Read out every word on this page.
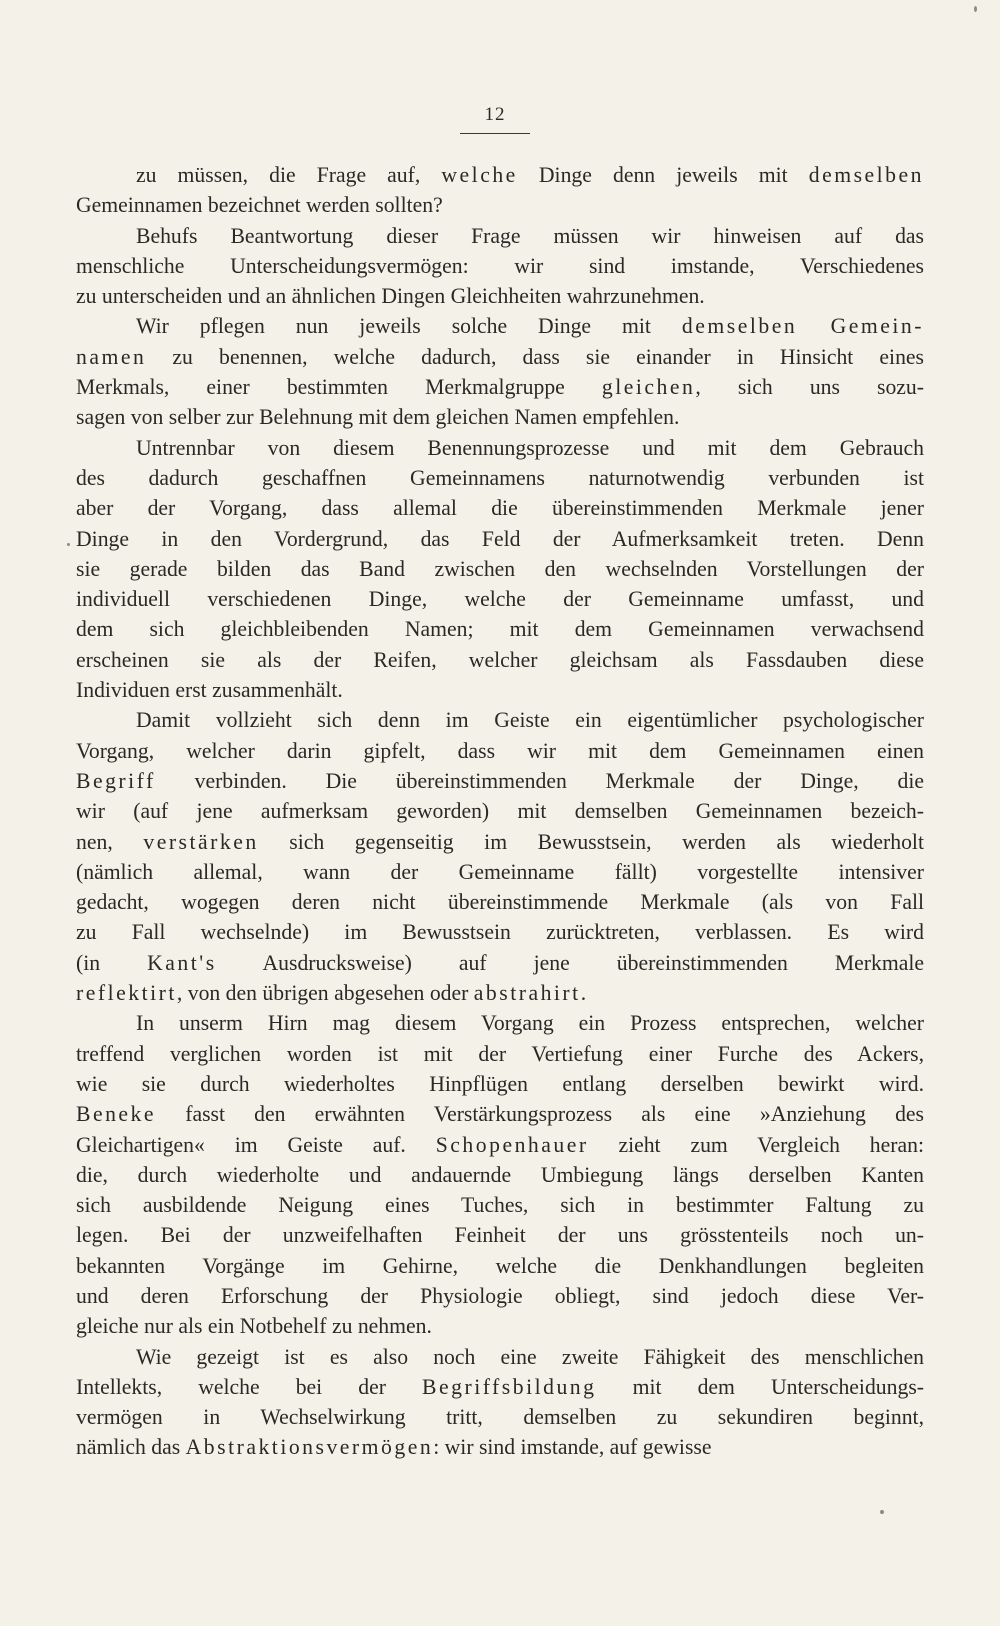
12
zu müssen, die Frage auf, welche Dinge denn jeweils mit demselben
Gemeinnamen bezeichnet werden sollten?
Behufs Beantwortung dieser Frage müssen wir hinweisen auf das
menschliche Unterscheidungsvermögen: wir sind imstande, Verschiedenes
zu unterscheiden und an ähnlichen Dingen Gleichheiten wahrzunehmen.
Wir pflegen nun jeweils solche Dinge mit demselben Gemein-
namen zu benennen, welche dadurch, dass sie einander in Hinsicht eines
Merkmals, einer bestimmten Merkmalgruppe gleichen, sich uns sozu-
sagen von selber zur Belehnung mit dem gleichen Namen empfehlen.
Untrennbar von diesem Benennungsprozesse und mit dem Gebrauch
des dadurch geschaffnen Gemeinnamens naturnotwendig verbunden ist
aber der Vorgang, dass allemal die übereinstimmenden Merkmale jener
Dinge in den Vordergrund, das Feld der Aufmerksamkeit treten. Denn
sie gerade bilden das Band zwischen den wechselnden Vorstellungen der
individuell verschiedenen Dinge, welche der Gemeinname umfasst, und
dem sich gleichbleibenden Namen; mit dem Gemeinnamen verwachsend
erscheinen sie als der Reifen, welcher gleichsam als Fassdauben diese
Individuen erst zusammenhält.
Damit vollzieht sich denn im Geiste ein eigentümlicher psychologischer
Vorgang, welcher darin gipfelt, dass wir mit dem Gemeinnamen einen
Begriff verbinden. Die übereinstimmenden Merkmale der Dinge, die
wir (auf jene aufmerksam geworden) mit demselben Gemeinnamen bezeich-
nen, verstärken sich gegenseitig im Bewusstsein, werden als wiederholt
(nämlich allemal, wann der Gemeinname fällt) vorgestellte intensiver
gedacht, wogegen deren nicht übereinstimmende Merkmale (als von Fall
zu Fall wechselnde) im Bewusstsein zurücktreten, verblassen. Es wird
(in Kant's Ausdrucksweise) auf jene übereinstimmenden Merkmale
reflektirt, von den übrigen abgesehen oder abstrahirt.
In unserm Hirn mag diesem Vorgang ein Prozess entsprechen, welcher
treffend verglichen worden ist mit der Vertiefung einer Furche des Ackers,
wie sie durch wiederholtes Hinpflügen entlang derselben bewirkt wird.
Beneke fasst den erwähnten Verstärkungsprozess als eine »Anziehung des
Gleichartigen« im Geiste auf. Schopenhauer zieht zum Vergleich heran:
die, durch wiederholte und andauernde Umbiegung längs derselben Kanten
sich ausbildende Neigung eines Tuches, sich in bestimmter Faltung zu
legen. Bei der unzweifelhaften Feinheit der uns grösstenteils noch un-
bekannten Vorgänge im Gehirne, welche die Denkhandlungen begleiten
und deren Erforschung der Physiologie obliegt, sind jedoch diese Ver-
gleiche nur als ein Notbehelf zu nehmen.
Wie gezeigt ist es also noch eine zweite Fähigkeit des menschlichen
Intellekts, welche bei der Begriffsbildung mit dem Unterscheidungs-
vermögen in Wechselwirkung tritt, demselben zu sekundiren beginnt,
nämlich das Abstraktionsvermögen: wir sind imstande, auf gewisse
